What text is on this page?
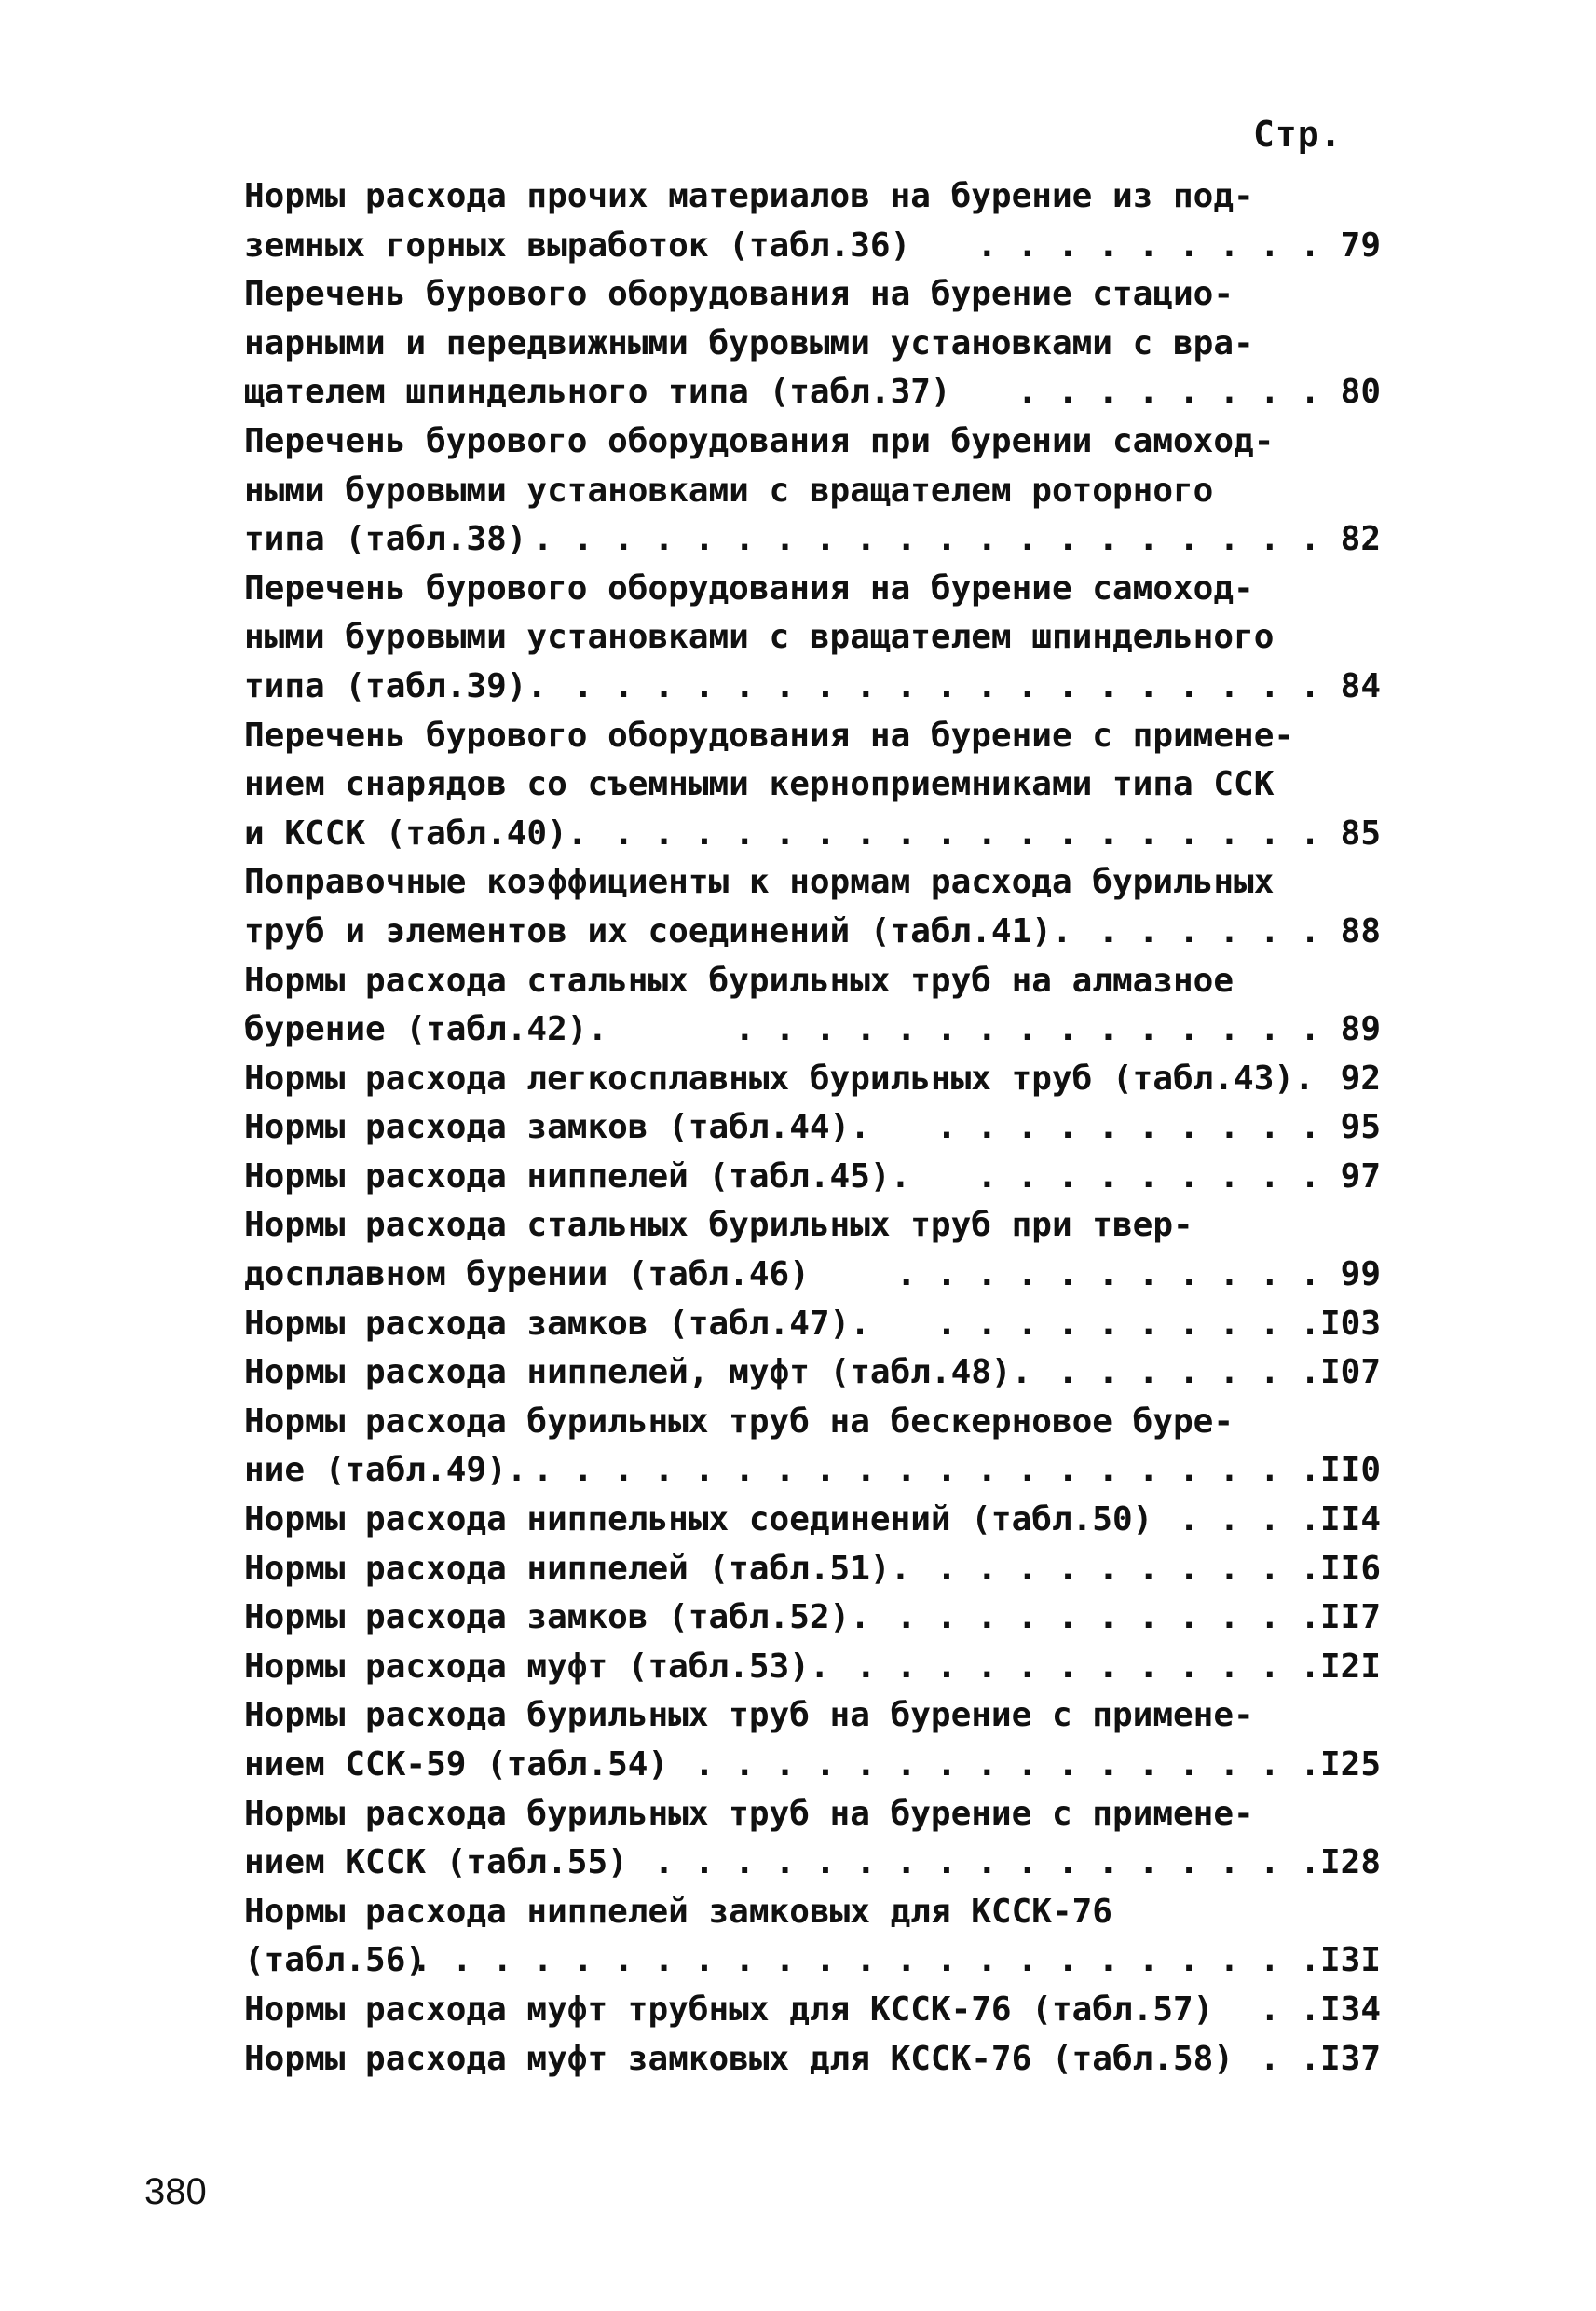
Стр.
Нормы расхода прочих материалов на бурение из под-
земных горных выработок (табл.36) . . . . . . . . . 79
Перечень бурового оборудования на бурение стацио-
нарными и передвижными буровыми установками с вра-
щателем шпиндельного типа (табл.37) . . . . . . . . 80
Перечень бурового оборудования при бурении самоход-
ными буровыми установками с вращателем роторного
типа (табл.38) . . . . . . . . . . . . . . . . . . . . 82
Перечень бурового оборудования на бурение самоход-
ными буровыми установками с вращателем шпиндельного
типа (табл.39). . . . . . . . . . . . . . . . . . . . 84
Перечень бурового оборудования на бурение с примене-
нием снарядов со съемными керноприемниками типа ССК
и КССК (табл.40). . . . . . . . . . . . . . . . . . . 85
Поправочные коэффициенты к нормам расхода бурильных
труб и элементов их соединений (табл.41). . . . . . . 88
Нормы расхода стальных бурильных труб на алмазное
бурение (табл.42).	. . . . . . . . . . . . . . . 89
Нормы расхода легкосплавных бурильных труб (табл.43). 92
Нормы расхода замков (табл.44). . . . . . . . . . . 95
Нормы расхода ниппелей (табл.45). . . . . . . . . . 97
Нормы расхода стальных бурильных труб при твер-
досплавном бурении (табл.46)	. . . . . . . . . . . 99
Нормы расхода замков (табл.47). . . . . . . . . . .I03
Нормы расхода ниппелей, муфт (табл.48). . . . . . . .I07
Нормы расхода бурильных труб на бескерновое буре-
ние (табл.49). . . . . . . . . . . . . . . . . . . . .II0
Нормы расхода ниппельных соединений (табл.50) . . . .II4
Нормы расхода ниппелей (табл.51). . . . . . . . . . .II6
Нормы расхода замков (табл.52). . . . . . . . . . . .II7
Нормы расхода муфт (табл.53). . . . . . . . . . . . .I2I
Нормы расхода бурильных труб на бурение с примене-
нием ССК-59 (табл.54) . . . . . . . . . . . . . . . .I25
Нормы расхода бурильных труб на бурение с примене-
нием КССК (табл.55) . . . . . . . . . . . . . . . . .I28
Нормы расхода ниппелей замковых для КССК-76
(табл.56)
. . . . . . . . . . . . . . . . . . . . . . .I3I
Нормы расхода муфт трубных для КССК-76 (табл.57) . .I34
Нормы расхода муфт замковых для КССК-76 (табл.58) . .I37
380
